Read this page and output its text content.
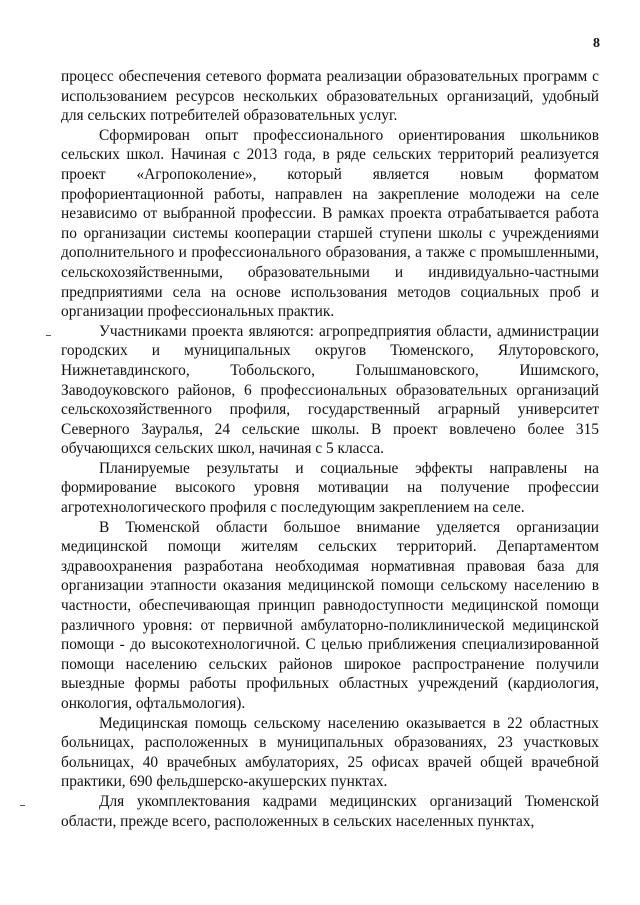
8

процесс обеспечения сетевого формата реализации образовательных программ с использованием ресурсов нескольких образовательных организаций, удобный для сельских потребителей образовательных услуг.

Сформирован опыт профессионального ориентирования школьников сельских школ. Начиная с 2013 года, в ряде сельских территорий реализуется проект «Агропоколение», который является новым форматом профориентационной работы, направлен на закрепление молодежи на селе независимо от выбранной профессии. В рамках проекта отрабатывается работа по организации системы кооперации старшей ступени школы с учреждениями дополнительного и профессионального образования, а также с промышленными, сельскохозяйственными, образовательными и индивидуально-частными предприятиями села на основе использования методов социальных проб и организации профессиональных практик.

Участниками проекта являются: агропредприятия области, администрации городских и муниципальных округов Тюменского, Ялуторовского, Нижнетавдинского, Тобольского, Голышмановского, Ишимского, Заводоуковского районов, 6 профессиональных образовательных организаций сельскохозяйственного профиля, государственный аграрный университет Северного Зауралья, 24 сельские школы. В проект вовлечено более 315 обучающихся сельских школ, начиная с 5 класса.

Планируемые результаты и социальные эффекты направлены на формирование высокого уровня мотивации на получение профессии агротехнологического профиля с последующим закреплением на селе.

В Тюменской области большое внимание уделяется организации медицинской помощи жителям сельских территорий. Департаментом здравоохранения разработана необходимая нормативная правовая база для организации этапности оказания медицинской помощи сельскому населению в частности, обеспечивающая принцип равнодоступности медицинской помощи различного уровня: от первичной амбулаторно-поликлинической медицинской помощи - до высокотехнологичной. С целью приближения специализированной помощи населению сельских районов широкое распространение получили выездные формы работы профильных областных учреждений (кардиология, онкология, офтальмология).

Медицинская помощь сельскому населению оказывается в 22 областных больницах, расположенных в муниципальных образованиях, 23 участковых больницах, 40 врачебных амбулаториях, 25 офисах врачей общей врачебной практики, 690 фельдшерско-акушерских пунктах.

Для укомплектования кадрами медицинских организаций Тюменской области, прежде всего, расположенных в сельских населенных пунктах,
